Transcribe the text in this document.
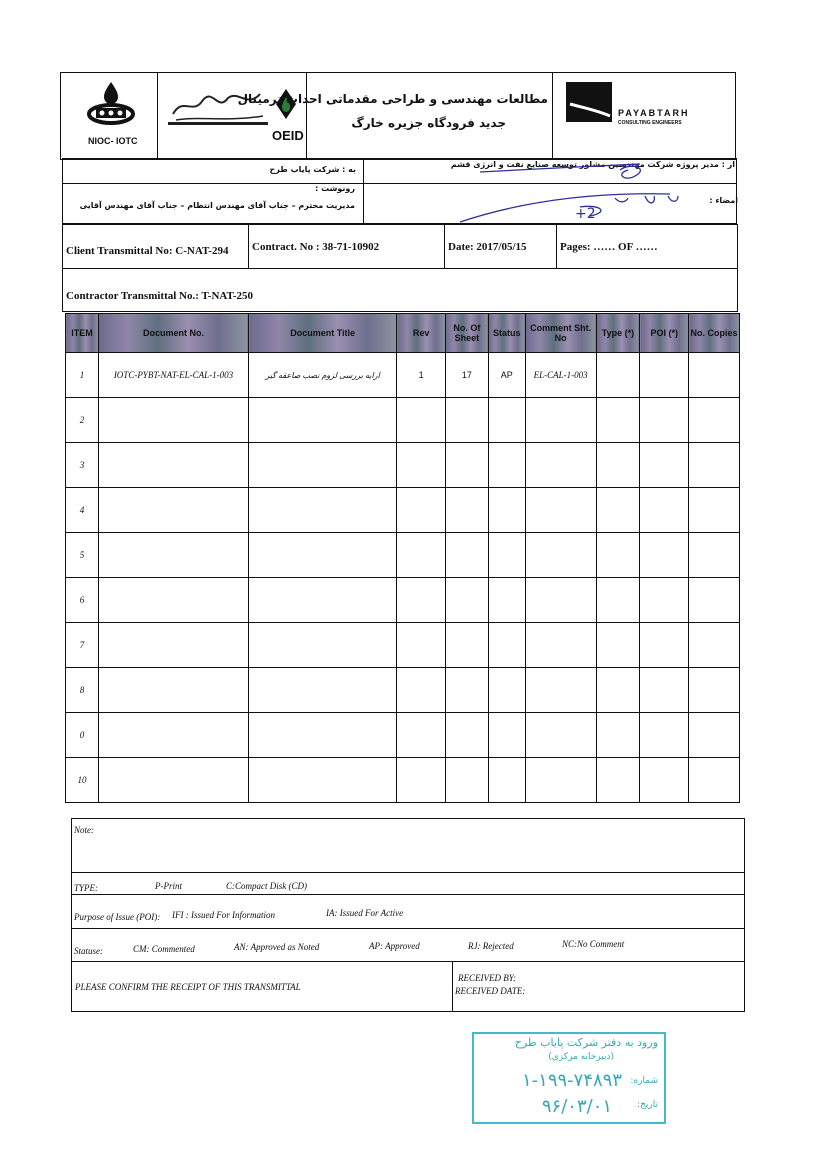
NIOC- IOTC	OEID
مطالعات مهندسی و طراحی مقدماتی احداث ترمینال
جدید فرودگاه جزیره خارگ
PAYABTARH
CONSULTING ENGINEERS
به : شرکت پایاب طرح
از : مدیر پروژه شرکت مهندسین مشاور توسعه صنایع نفت و انرژی قشم
رونوشت :
مدیریت محترم – جناب آقای مهندس انتظام – جناب آقای مهندس آقایی
امضاء :
+2
Client Transmittal No: C-NAT-294 Contract. No : 38-71-10902	Date: 2017/05/15	Pages: …… OF ……
Contractor Transmittal No.: T-NAT-250
ITEM	Document No.	Document Title	Rev	No. Of Sheet	Status	Comment Sht. No	Type (*)	POI (*)	No. Copies
1	IOTC-PYBT-NAT-EL-CAL-1-003	ارایه بررسی لزوم نصب صاعقه گیر	1	17	AP	EL-CAL-1-003			
2									
3									
4									
5									
6									
7									
8									
0									
10									
Note:
TYPE:	P-Print	C:Compact Disk (CD)
Purpose of Issue (POI): IFI : Issued For Information	IA: Issued For Active
Statuse:	CM: Commented	AN: Approved as Noted	AP: Approved	RJ: Rejected	NC:No Comment
PLEASE CONFIRM THE RECEIPT OF THIS TRANSMITTAL
RECEIVED BY:
RECEIVED DATE:
ورود به دفتر شرکت پایاب طرح
(دبیرخانه مرکزی)
شماره:
۱-۱۹۹-۷۴۸۹۳
تاریخ:
۹۶/۰۳/۰۱
